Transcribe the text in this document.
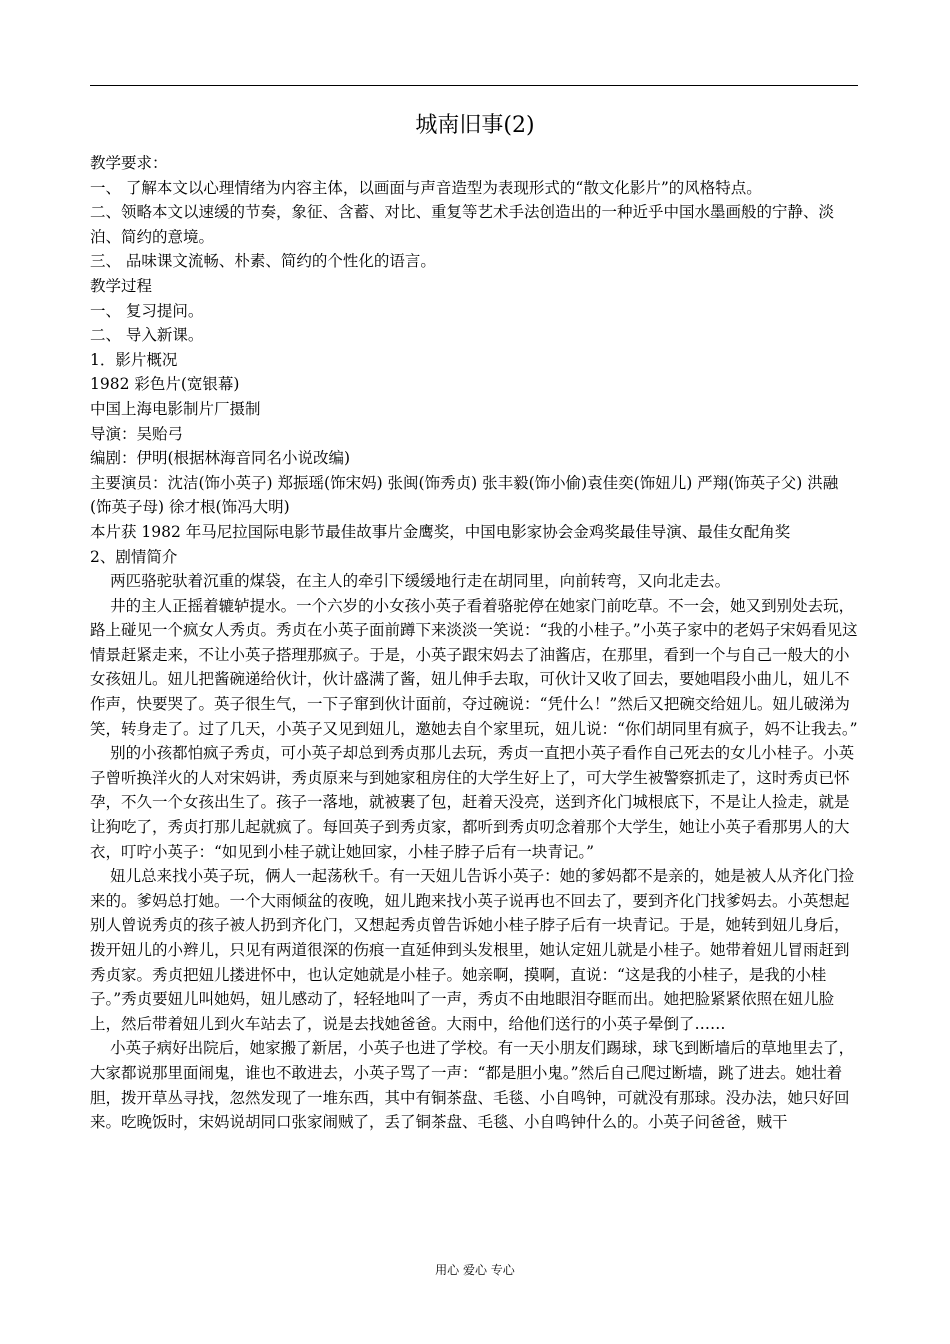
城南旧事(2)

教学要求：

一、 了解本文以心理情绪为内容主体，以画面与声音造型为表现形式的“散文化影片”的风格特点。

二、领略本文以速缓的节奏，象征、含蓄、对比、重复等艺术手法创造出的一种近乎中国水墨画般的宁静、淡泊、简约的意境。

三、 品味课文流畅、朴素、简约的个性化的语言。

教学过程

一、 复习提问。

二、 导入新课。

1．影片概况

1982 彩色片(宽银幕)

中国上海电影制片厂摄制

导演：吴贻弓

编剧：伊明(根据林海音同名小说改编)

主要演员：沈洁(饰小英子) 郑振瑶(饰宋妈) 张闽(饰秀贞) 张丰毅(饰小偷)袁佳奕(饰妞儿) 严翔(饰英子父) 洪融(饰英子母) 徐才根(饰冯大明)

本片获 1982 年马尼拉国际电影节最佳故事片金鹰奖，中国电影家协会金鸡奖最佳导演、最佳女配角奖

2、剧情简介

两匹骆驼驮着沉重的煤袋，在主人的牵引下缓缓地行走在胡同里，向前转弯，又向北走去。

井的主人正摇着辘轳提水。一个六岁的小女孩小英子看着骆驼停在她家门前吃草。不一会，她又到别处去玩，路上碰见一个疯女人秀贞。秀贞在小英子面前蹲下来淡淡一笑说：“我的小桂子。”小英子家中的老妈子宋妈看见这情景赶紧走来，不让小英子搭理那疯子。于是，小英子跟宋妈去了油酱店，在那里，看到一个与自己一般大的小女孩妞儿。妞儿把酱碗递给伙计，伙计盛满了酱，妞儿伸手去取，可伙计又收了回去，要她唱段小曲儿，妞儿不作声，快要哭了。英子很生气，一下子窜到伙计面前，夺过碗说：“凭什么！”然后又把碗交给妞儿。妞儿破涕为笑，转身走了。过了几天，小英子又见到妞儿，邀她去自个家里玩，妞儿说：“你们胡同里有疯子，妈不让我去。”

别的小孩都怕疯子秀贞，可小英子却总到秀贞那儿去玩，秀贞一直把小英子看作自己死去的女儿小桂子。小英子曾听换洋火的人对宋妈讲，秀贞原来与到她家租房住的大学生好上了，可大学生被警察抓走了，这时秀贞已怀孕，不久一个女孩出生了。孩子一落地，就被裹了包，赶着天没亮，送到齐化门城根底下，不是让人捡走，就是让狗吃了，秀贞打那儿起就疯了。每回英子到秀贞家，都听到秀贞叨念着那个大学生，她让小英子看那男人的大衣，叮咛小英子：“如见到小桂子就让她回家，小桂子脖子后有一块青记。”

妞儿总来找小英子玩，俩人一起荡秋千。有一天妞儿告诉小英子：她的爹妈都不是亲的，她是被人从齐化门捡来的。爹妈总打她。一个大雨倾盆的夜晚，妞儿跑来找小英子说再也不回去了，要到齐化门找爹妈去。小英想起别人曾说秀贞的孩子被人扔到齐化门，又想起秀贞曾告诉她小桂子脖子后有一块青记。于是，她转到妞儿身后，拨开妞儿的小辫儿，只见有两道很深的伤痕一直延伸到头发根里，她认定妞儿就是小桂子。她带着妞儿冒雨赶到秀贞家。秀贞把妞儿搂进怀中，也认定她就是小桂子。她亲啊，摸啊，直说：“这是我的小桂子，是我的小桂子。”秀贞要妞儿叫她妈，妞儿感动了，轻轻地叫了一声，秀贞不由地眼泪夺眶而出。她把脸紧紧依照在妞儿脸上，然后带着妞儿到火车站去了，说是去找她爸爸。大雨中，给他们送行的小英子晕倒了……

小英子病好出院后，她家搬了新居，小英子也进了学校。有一天小朋友们踢球，球飞到断墙后的草地里去了，大家都说那里面闹鬼，谁也不敢进去，小英子骂了一声：“都是胆小鬼。”然后自己爬过断墙，跳了进去。她壮着胆，拨开草丛寻找，忽然发现了一堆东西，其中有铜茶盘、毛毯、小自鸣钟，可就没有那球。没办法，她只好回来。吃晚饭时，宋妈说胡同口张家闹贼了，丢了铜茶盘、毛毯、小自鸣钟什么的。小英子问爸爸，贼干

用心 爱心 专心
